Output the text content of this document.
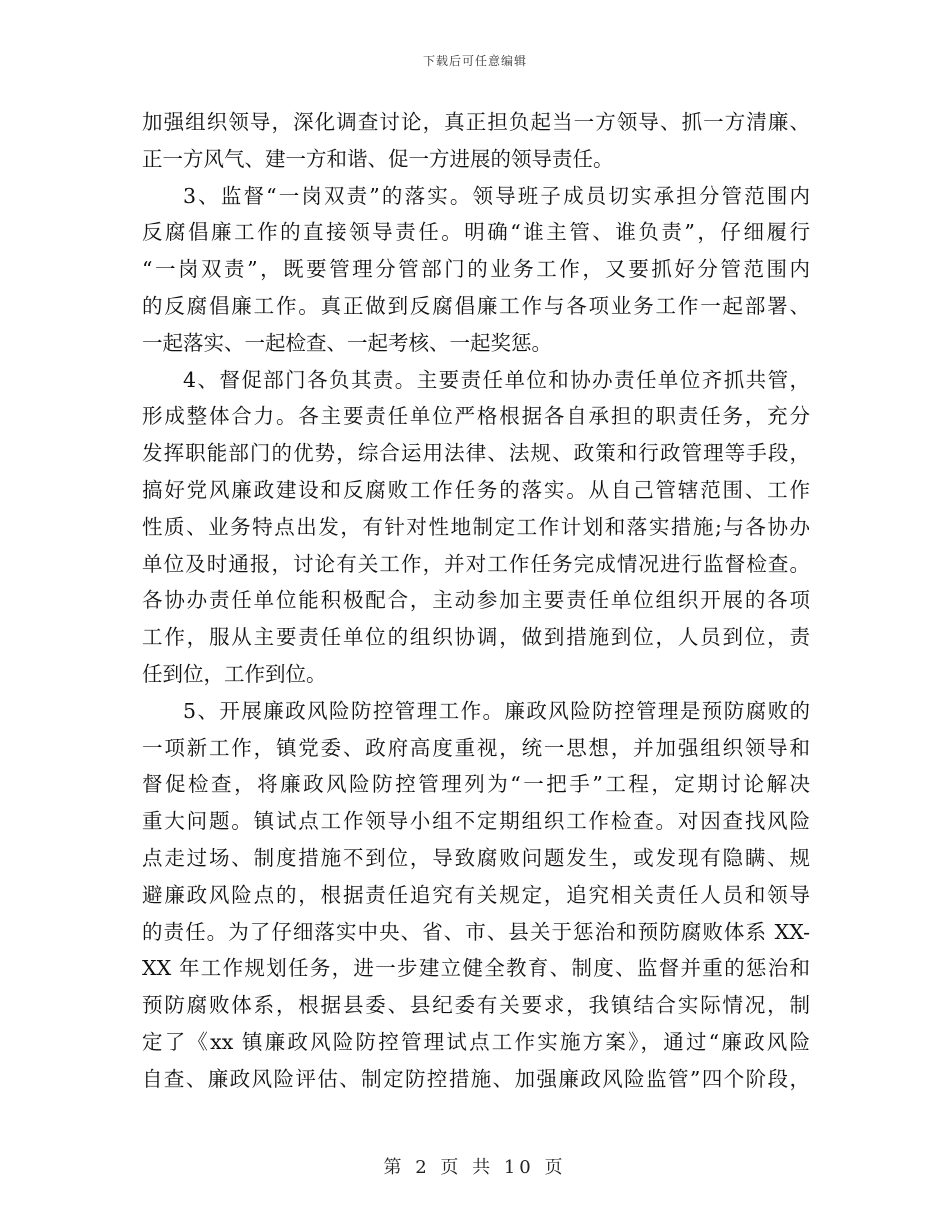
下载后可任意编辑
加强组织领导，深化调查讨论，真正担负起当一方领导、抓一方清廉、
正一方风气、建一方和谐、促一方进展的领导责任。
3、监督“一岗双责”的落实。领导班子成员切实承担分管范围内
反腐倡廉工作的直接领导责任。明确“谁主管、谁负责”，仔细履行
“一岗双责”，既要管理分管部门的业务工作，又要抓好分管范围内
的反腐倡廉工作。真正做到反腐倡廉工作与各项业务工作一起部署、
一起落实、一起检查、一起考核、一起奖惩。
4、督促部门各负其责。主要责任单位和协办责任单位齐抓共管，
形成整体合力。各主要责任单位严格根据各自承担的职责任务，充分
发挥职能部门的优势，综合运用法律、法规、政策和行政管理等手段，
搞好党风廉政建设和反腐败工作任务的落实。从自己管辖范围、工作
性质、业务特点出发，有针对性地制定工作计划和落实措施;与各协办
单位及时通报，讨论有关工作，并对工作任务完成情况进行监督检查。
各协办责任单位能积极配合，主动参加主要责任单位组织开展的各项
工作，服从主要责任单位的组织协调，做到措施到位，人员到位，责
任到位，工作到位。
5、开展廉政风险防控管理工作。廉政风险防控管理是预防腐败的
一项新工作，镇党委、政府高度重视，统一思想，并加强组织领导和
督促检查，将廉政风险防控管理列为“一把手”工程，定期讨论解决
重大问题。镇试点工作领导小组不定期组织工作检查。对因查找风险
点走过场、制度措施不到位，导致腐败问题发生，或发现有隐瞒、规
避廉政风险点的，根据责任追究有关规定，追究相关责任人员和领导
的责任。为了仔细落实中央、省、市、县关于惩治和预防腐败体系 XX-
XX 年工作规划任务，进一步建立健全教育、制度、监督并重的惩治和
预防腐败体系，根据县委、县纪委有关要求，我镇结合实际情况，制
定了《xx 镇廉政风险防控管理试点工作实施方案》，通过“廉政风险
自查、廉政风险评估、制定防控措施、加强廉政风险监管”四个阶段，
第 2 页 共 10 页
